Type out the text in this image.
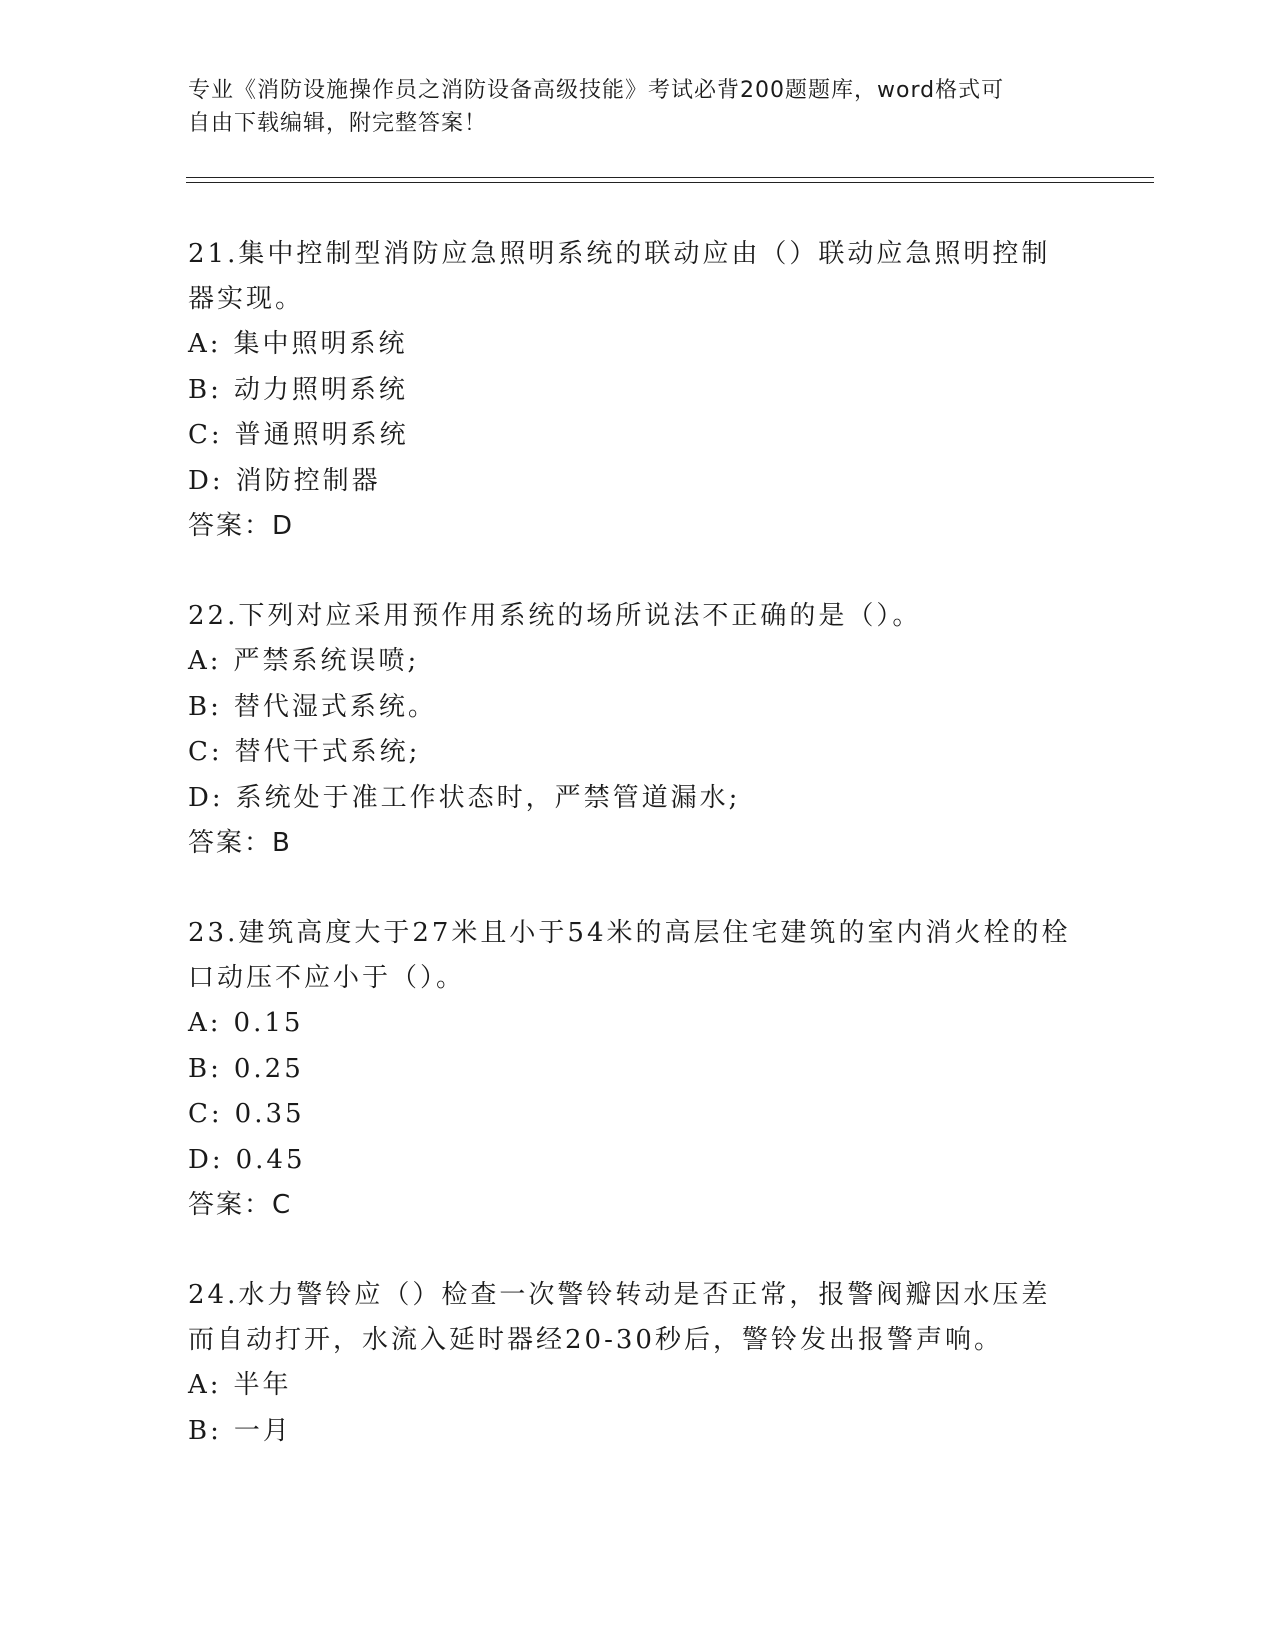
专业《消防设施操作员之消防设备高级技能》考试必背200题题库，word格式可
自由下载编辑，附完整答案！

21.集中控制型消防应急照明系统的联动应由（）联动应急照明控制器实现。

A: 集中照明系统
B: 动力照明系统
C: 普通照明系统
D: 消防控制器

答案：D

22.下列对应采用预作用系统的场所说法不正确的是（）。

A: 严禁系统误喷;
B: 替代湿式系统。
C: 替代干式系统;
D: 系统处于准工作状态时，严禁管道漏水;

答案：B

23.建筑高度大于27米且小于54米的高层住宅建筑的室内消火栓的栓口动压不应小于（）。

A: 0.15
B: 0.25
C: 0.35
D: 0.45

答案：C

24.水力警铃应（）检查一次警铃转动是否正常，报警阀瓣因水压差而自动打开，水流入延时器经20-30秒后，警铃发出报警声响。

A: 半年
B: 一月
